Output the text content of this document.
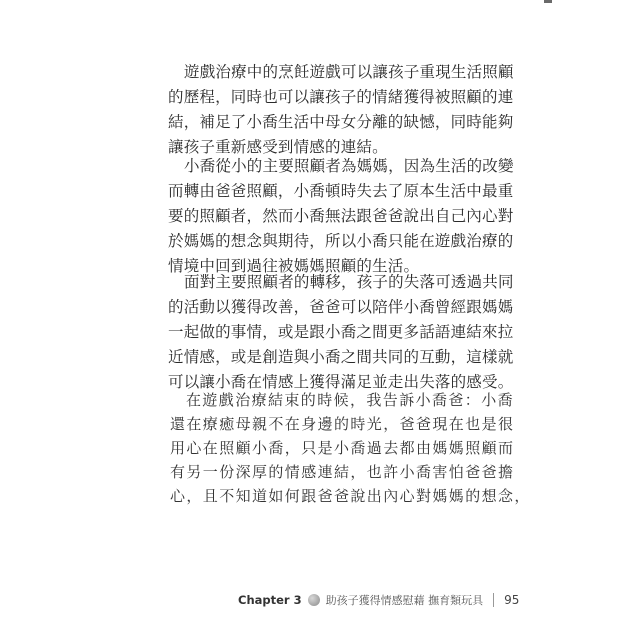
遊戲治療中的烹飪遊戲可以讓孩子重現生活照顧
的歷程，同時也可以讓孩子的情緒獲得被照顧的連
結，補足了小喬生活中母女分離的缺憾，同時能夠
讓孩子重新感受到情感的連結。
小喬從小的主要照顧者為媽媽，因為生活的改變
而轉由爸爸照顧，小喬頓時失去了原本生活中最重
要的照顧者，然而小喬無法跟爸爸說出自己內心對
於媽媽的想念與期待，所以小喬只能在遊戲治療的
情境中回到過往被媽媽照顧的生活。
面對主要照顧者的轉移，孩子的失落可透過共同
的活動以獲得改善，爸爸可以陪伴小喬曾經跟媽媽
一起做的事情，或是跟小喬之間更多話語連結來拉
近情感，或是創造與小喬之間共同的互動，這樣就
可以讓小喬在情感上獲得滿足並走出失落的感受。
在遊戲治療結束的時候，我告訴小喬爸：小喬
還在療癒母親不在身邊的時光，爸爸現在也是很
用心在照顧小喬，只是小喬過去都由媽媽照顧而
有另一份深厚的情感連結，也許小喬害怕爸爸擔
心，且不知道如何跟爸爸說出內心對媽媽的想念，
Chapter 3 助孩子獲得情感慰藉 撫育類玩具 95
